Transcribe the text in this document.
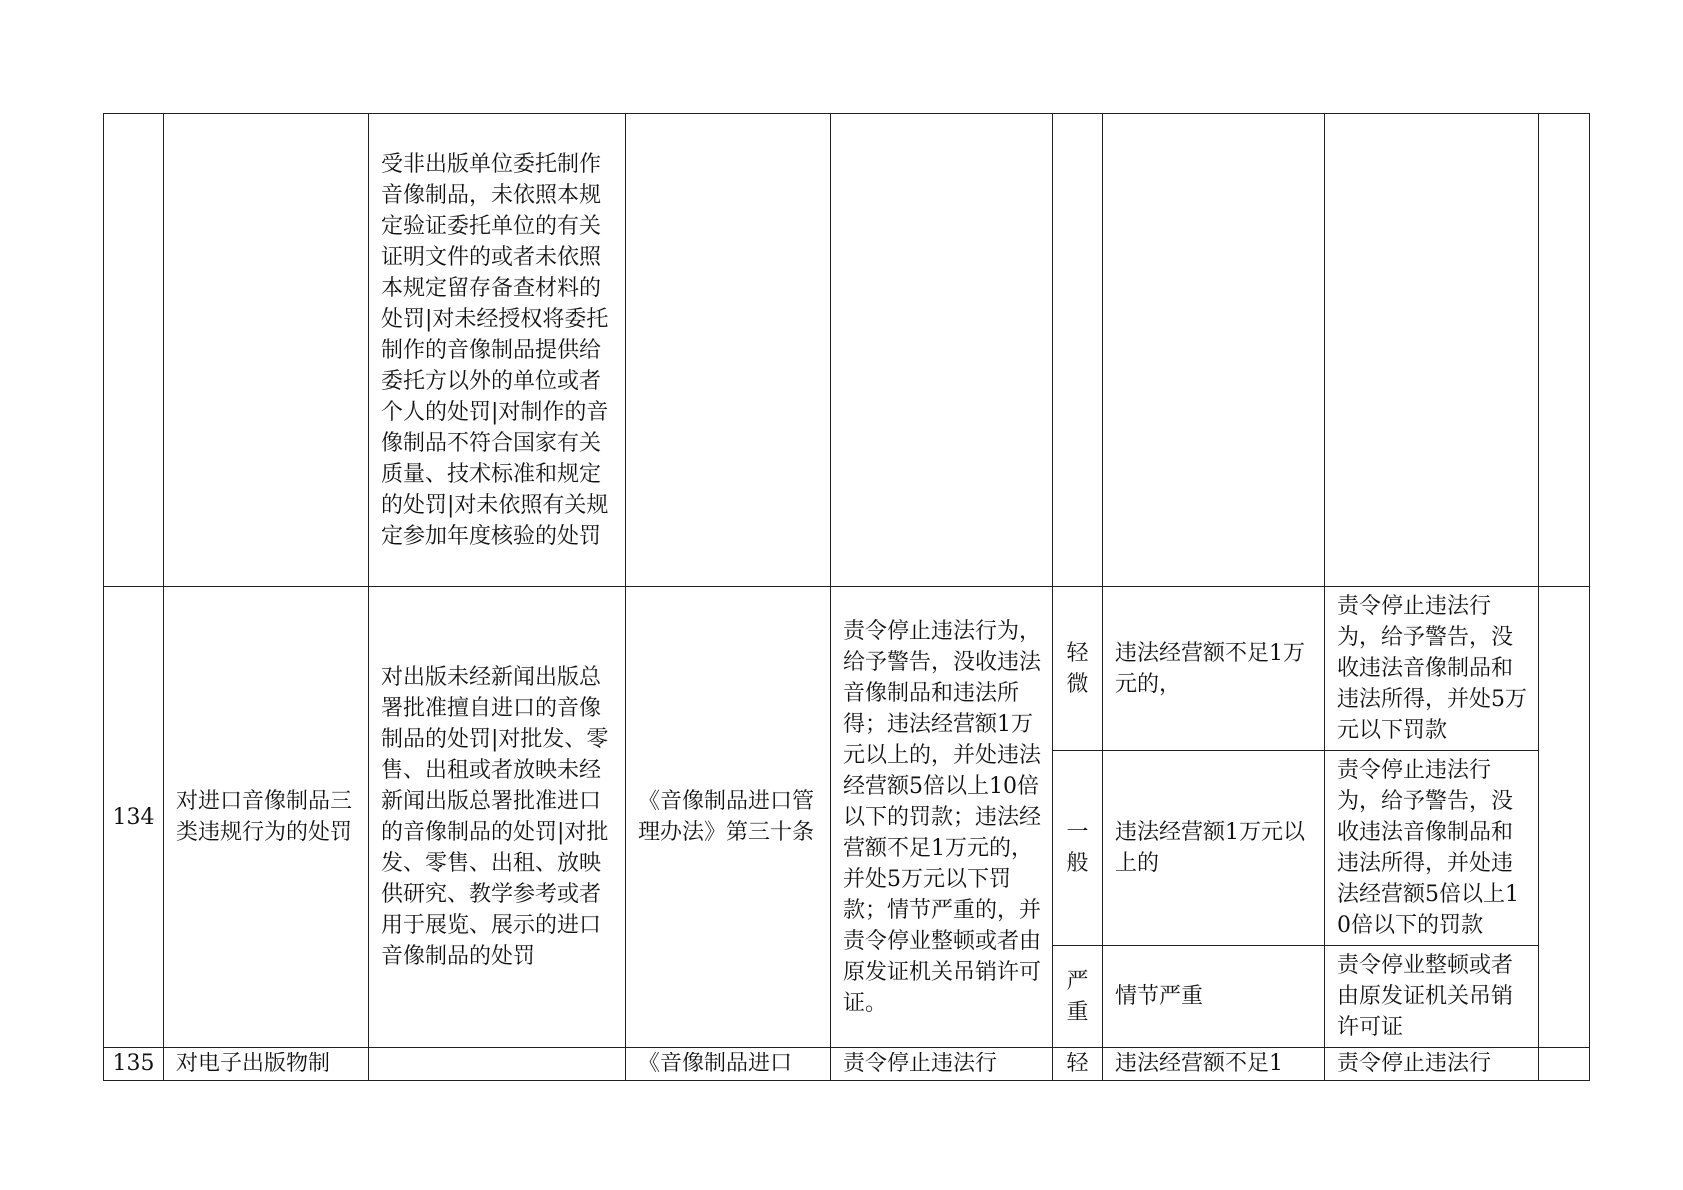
		受非出版单位委托制作音像制品，未依照本规定验证委托单位的有关证明文件的或者未依照本规定留存备查材料的处罚|对未经授权将委托制作的音像制品提供给委托方以外的单位或者个人的处罚|对制作的音像制品不符合国家有关质量、技术标准和规定的处罚|对未依照有关规定参加年度核验的处罚						
134	对进口音像制品三类违规行为的处罚	对出版未经新闻出版总署批准擅自进口的音像制品的处罚|对批发、零售、出租或者放映未经新闻出版总署批准进口的音像制品的处罚|对批发、零售、出租、放映供研究、教学参考或者用于展览、展示的进口音像制品的处罚	《音像制品进口管理办法》第三十条	责令停止违法行为，给予警告，没收违法音像制品和违法所得；违法经营额1万元以上的，并处违法经营额5倍以上10倍以下的罚款；违法经营额不足1万元的，并处5万元以下罚款；情节严重的，并责令停业整顿或者由原发证机关吊销许可证。	轻微	违法经营额不足1万元的，	责令停止违法行为，给予警告，没收违法音像制品和违法所得，并处5万元以下罚款	
					一般	违法经营额1万元以上的	责令停止违法行为，给予警告，没收违法音像制品和违法所得，并处违法经营额5倍以上10倍以下的罚款	
					严重	情节严重	责令停业整顿或者由原发证机关吊销许可证	

135	对电子出版物制		《音像制品进口	责令停止违法行	轻	违法经营额不足1	责令停止违法行	
